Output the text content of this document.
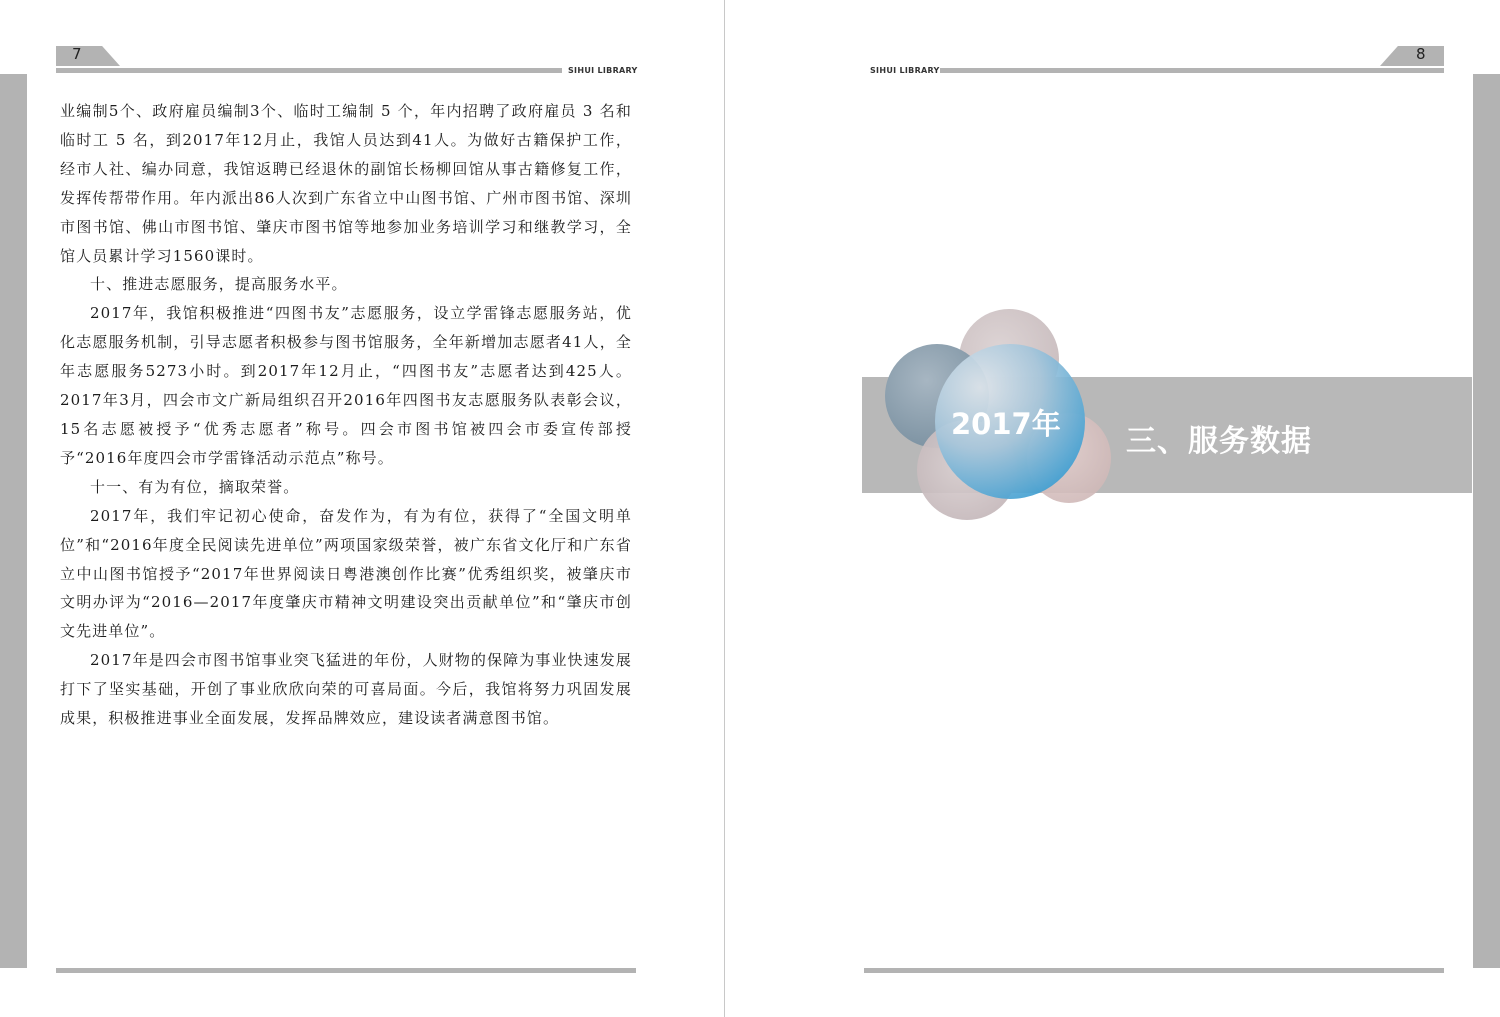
7
SIHUI LIBRARY

业编制5个、政府雇员编制3个、临时工编制 5 个，年内招聘了政府雇员 3 名和临时工 5 名，到2017年12月止，我馆人员达到41人。为做好古籍保护工作，经市人社、编办同意，我馆返聘已经退休的副馆长杨柳回馆从事古籍修复工作，发挥传帮带作用。年内派出86人次到广东省立中山图书馆、广州市图书馆、深圳市图书馆、佛山市图书馆、肇庆市图书馆等地参加业务培训学习和继教学习，全馆人员累计学习1560课时。

十、推进志愿服务，提高服务水平。

2017年，我馆积极推进“四图书友”志愿服务，设立学雷锋志愿服务站，优化志愿服务机制，引导志愿者积极参与图书馆服务，全年新增加志愿者41人，全年志愿服务5273小时。到2017年12月止，“四图书友”志愿者达到425人。2017年3月，四会市文广新局组织召开2016年四图书友志愿服务队表彰会议，15名志愿被授予“优秀志愿者”称号。四会市图书馆被四会市委宣传部授予“2016年度四会市学雷锋活动示范点”称号。

十一、有为有位，摘取荣誉。

2017年，我们牢记初心使命，奋发作为，有为有位，获得了“全国文明单位”和“2016年度全民阅读先进单位”两项国家级荣誉，被广东省文化厅和广东省立中山图书馆授予“2017年世界阅读日粤港澳创作比赛”优秀组织奖，被肇庆市文明办评为“2016—2017年度肇庆市精神文明建设突出贡献单位”和“肇庆市创文先进单位”。

2017年是四会市图书馆事业突飞猛进的年份，人财物的保障为事业快速发展打下了坚实基础，开创了事业欣欣向荣的可喜局面。今后，我馆将努力巩固发展成果，积极推进事业全面发展，发挥品牌效应，建设读者满意图书馆。

SIHUI LIBRARY
8
2017年 三、服务数据
